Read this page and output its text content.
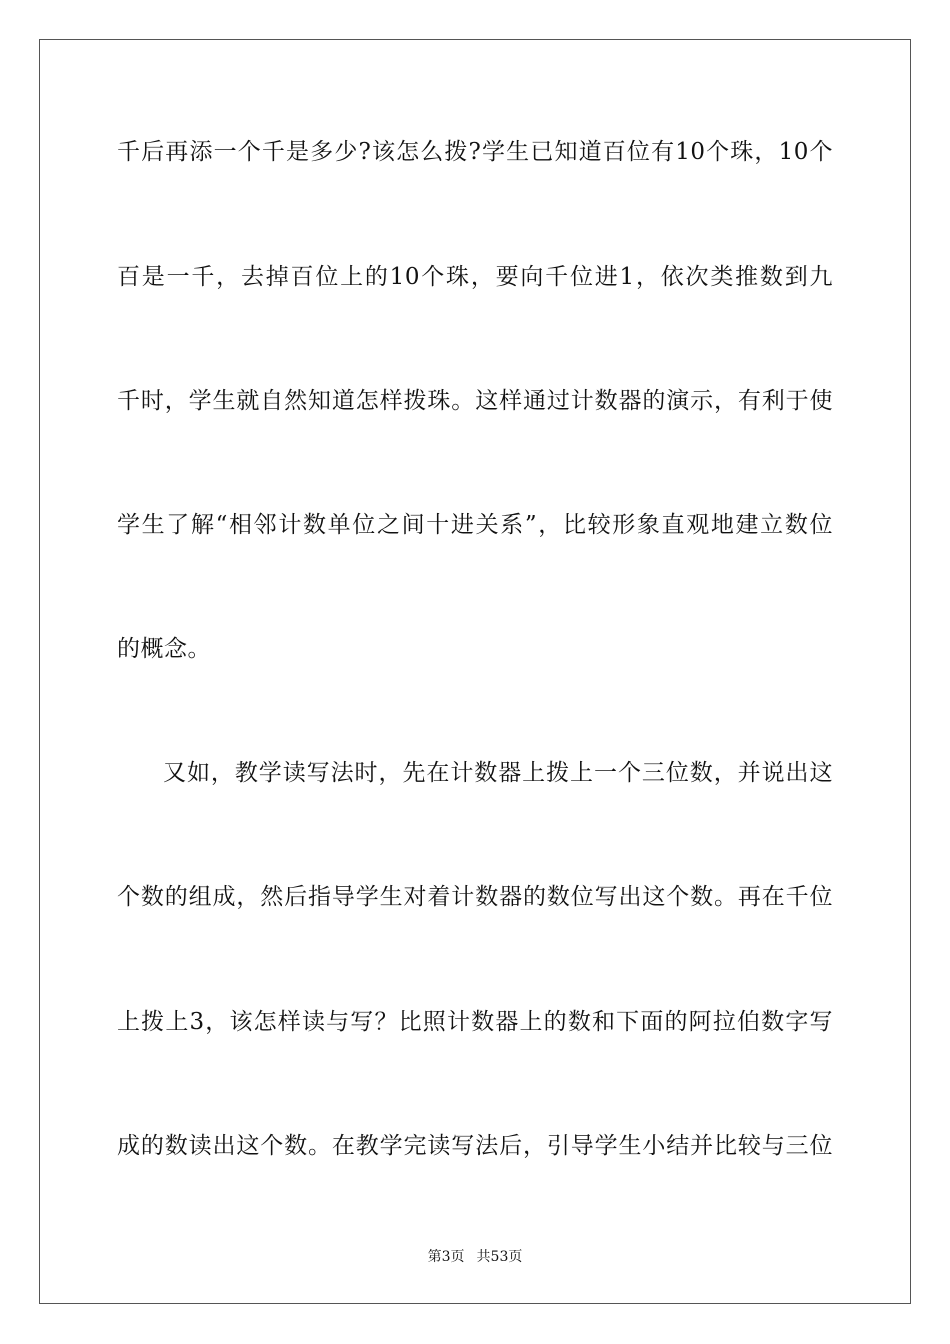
千后再添一个千是多少?该怎么拨?学生已知道百位有10个珠，10个
百是一千，去掉百位上的10个珠，要向千位进1，依次类推数到九
千时，学生就自然知道怎样拨珠。这样通过计数器的演示，有利于使
学生了解“相邻计数单位之间十进关系”，比较形象直观地建立数位
的概念。
又如，教学读写法时，先在计数器上拨上一个三位数，并说出这
个数的组成，然后指导学生对着计数器的数位写出这个数。再在千位
上拨上3，该怎样读与写？比照计数器上的数和下面的阿拉伯数字写
成的数读出这个数。在教学完读写法后，引导学生小结并比较与三位
第3页 共53页
